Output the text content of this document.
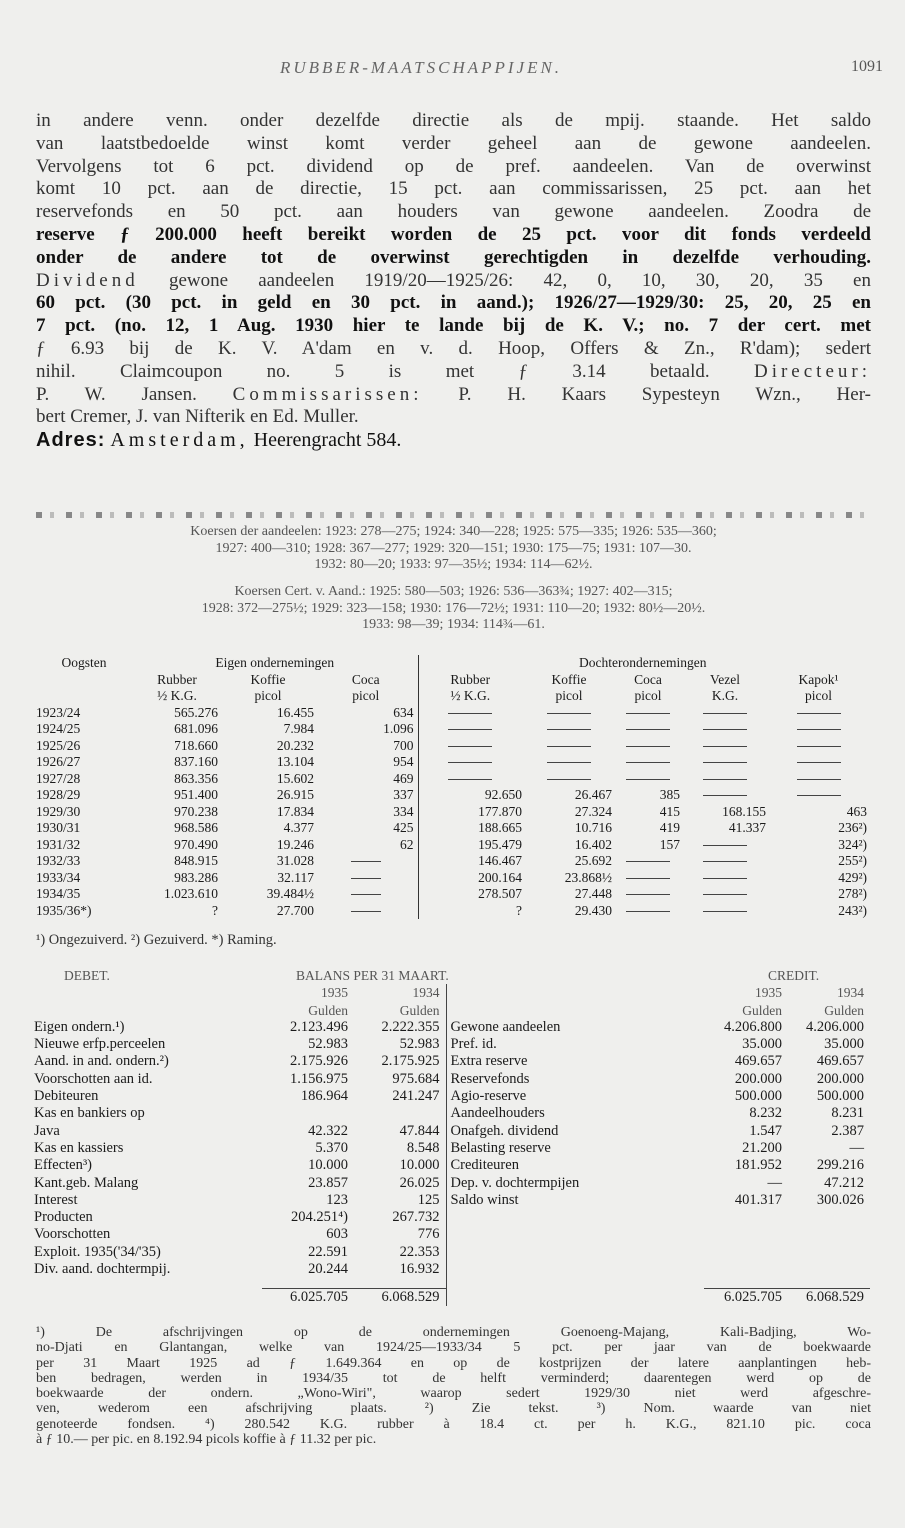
RUBBER-MAATSCHAPPIJEN.	1091

in andere venn. onder dezelfde directie als de mpij. staande. Het saldo

van laatstbedoelde winst komt verder geheel aan de gewone aandeelen.

Vervolgens tot 6 pct. dividend op de pref. aandeelen. Van de overwinst

komt 10 pct. aan de directie, 15 pct. aan commissarissen, 25 pct. aan het

reservefonds en 50 pct. aan houders van gewone aandeelen. Zoodra de

reserve ƒ 200.000 heeft bereikt worden de 25 pct. voor dit fonds verdeeld

onder de andere tot de overwinst gerechtigden in dezelfde verhouding.

Dividend gewone aandeelen 1919/20—1925/26: 42, 0, 10, 30, 20, 35 en

60 pct. (30 pct. in geld en 30 pct. in aand.); 1926/27—1929/30: 25, 20, 25 en

7 pct. (no. 12, 1 Aug. 1930 hier te lande bij de K. V.; no. 7 der cert. met

ƒ 6.93 bij de K. V. A'dam en v. d. Hoop, Offers & Zn., R'dam); sedert

nihil. Claimcoupon no. 5 is met ƒ 3.14 betaald. Directeur:

P. W. Jansen. Commissarissen: P. H. Kaars Sypesteyn Wzn., Her-

bert Cremer, J. van Nifterik en Ed. Muller.

Adres: Amsterdam, Heerengracht 584.

Koersen der aandeelen: 1923: 278—275; 1924: 340—228; 1925: 575—335; 1926: 535—360;
1927: 400—310; 1928: 367—277; 1929: 320—151; 1930: 175—75; 1931: 107—30.
1932: 80—20; 1933: 97—35½; 1934: 114—62½.
Koersen Cert. v. Aand.: 1925: 580—503; 1926: 536—363¾; 1927: 402—315;
1928: 372—275½; 1929: 323—158; 1930: 176—72½; 1931: 110—20; 1932: 80½—20½.
1933: 98—39; 1934: 114¾—61.
Oogsten	Eigen ondernemingen			Dochterondernemingen				
	Rubber	Koffie	Coca	Rubber	Koffie	Coca	Vezel	Kapok¹
	½ K.G.	picol	picol	½ K.G.	picol	picol	K.G.	picol
1923/24	565.276	16.455	634					
1924/25	681.096	7.984	1.096					
1925/26	718.660	20.232	700					
1926/27	837.160	13.104	954					
1927/28	863.356	15.602	469					
1928/29	951.400	26.915	337	92.650	26.467	385		
1929/30	970.238	17.834	334	177.870	27.324	415	168.155	463
1930/31	968.586	4.377	425	188.665	10.716	419	41.337	236²)
1931/32	970.490	19.246	62	195.479	16.402	157		324²)
1932/33	848.915	31.028		146.467	25.692			255²)
1933/34	983.286	32.117		200.164	23.868½			429²)
1934/35	1.023.610	39.484½		278.507	27.448			278²)
1935/36*)	?	27.700		?	29.430			243²)
¹) Ongezuiverd. ²) Gezuiverd. *) Raming.
DEBET.	BALANS PER 31 MAART.			CREDIT.	
	1935	1934		1935	1934
	Gulden	Gulden		Gulden	Gulden
Eigen ondern.¹)	2.123.496	2.222.355	Gewone aandeelen	4.206.800	4.206.000
Nieuwe erfp.perceelen	52.983	52.983	Pref. id.	35.000	35.000
Aand. in and. ondern.²)	2.175.926	2.175.925	Extra reserve	469.657	469.657
Voorschotten aan id.	1.156.975	975.684	Reservefonds	200.000	200.000
Debiteuren	186.964	241.247	Agio-reserve	500.000	500.000
Kas en bankiers op			Aandeelhouders	8.232	8.231
Java	42.322	47.844	Onafgeh. dividend	1.547	2.387
Kas en kassiers	5.370	8.548	Belasting reserve	21.200	—
Effecten³)	10.000	10.000	Crediteuren	181.952	299.216
Kant.geb. Malang	23.857	26.025	Dep. v. dochtermpijen	—	47.212
Interest	123	125	Saldo winst	401.317	300.026
Producten	204.251⁴)	267.732			
Voorschotten	603	776			
Exploit. 1935('34/'35)	22.591	22.353			
Div. aand. dochtermpij.	20.244	16.932			

	6.025.705	6.068.529		6.025.705	6.068.529

¹) De afschrijvingen op de ondernemingen Goenoeng-Majang, Kali-Badjing, Wo-

no-Djati en Glantangan, welke van 1924/25—1933/34 5 pct. per jaar van de boekwaarde

per 31 Maart 1925 ad ƒ 1.649.364 en op de kostprijzen der latere aanplantingen heb-

ben bedragen, werden in 1934/35 tot de helft verminderd; daarentegen werd op de

boekwaarde der ondern. „Wono-Wiri", waarop sedert 1929/30 niet werd afgeschre-

ven, wederom een afschrijving plaats. ²) Zie tekst. ³) Nom. waarde van niet

genoteerde fondsen. ⁴) 280.542 K.G. rubber à 18.4 ct. per h. K.G., 821.10 pic. coca

à ƒ 10.— per pic. en 8.192.94 picols koffie à ƒ 11.32 per pic.
